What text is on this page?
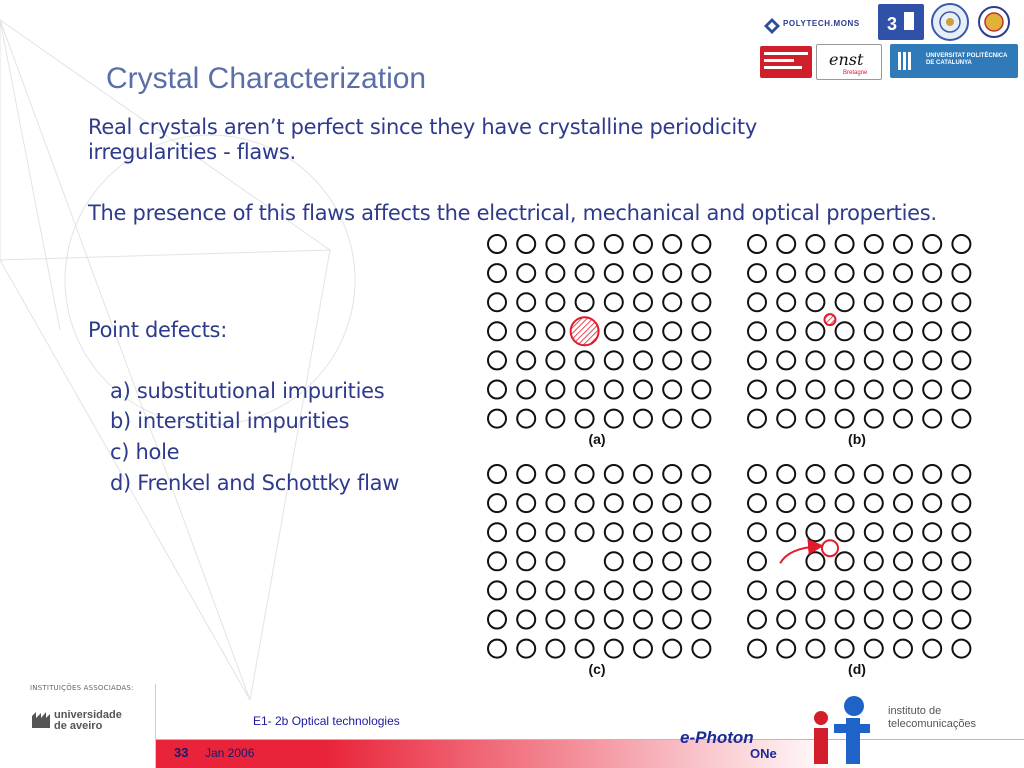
POLYTECH.MONS 3
enst
Bretagne
UNIVERSITAT POLITÈCNICA
DE CATALUNYA
Crystal Characterization
Real crystals aren’t perfect since they have crystalline periodicity irregularities - flaws.
The presence of this flaws affects the electrical, mechanical and optical properties.
Point defects:
a) substitutional impurities
b) interstitial impurities
c) hole
d) Frenkel and Schottky flaw
(a)	(b)
(c)	(d)
INSTITUIÇÕES ASSOCIADAS:
universidade
de aveiro	E1- 2b Optical technologies
33 Jan 2006
e-Photon
ONe
instituto de
telecomunicações
